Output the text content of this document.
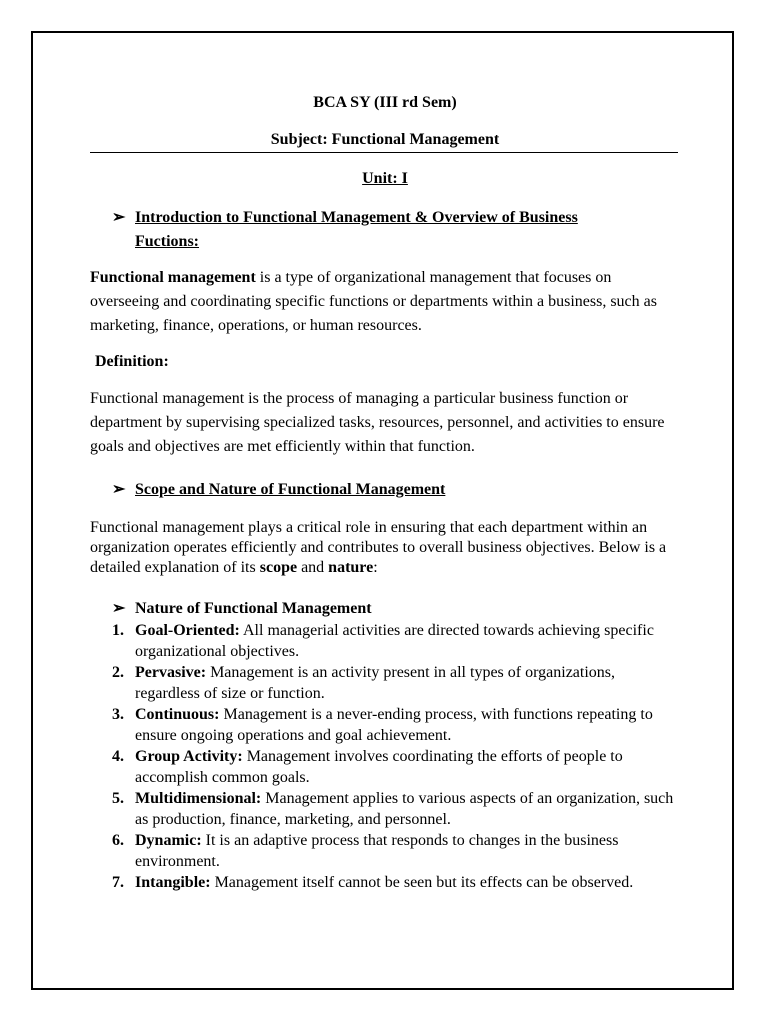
BCA SY (III rd Sem)
Subject: Functional Management
Unit: I
➢ Introduction to Functional Management & Overview of Business
Fuctions:
Functional management is a type of organizational management that focuses on overseeing and coordinating specific functions or departments within a business, such as marketing, finance, operations, or human resources.
Definition:
Functional management is the process of managing a particular business function or department by supervising specialized tasks, resources, personnel, and activities to ensure goals and objectives are met efficiently within that function.
➢ Scope and Nature of Functional Management
Functional management plays a critical role in ensuring that each department within an organization operates efficiently and contributes to overall business objectives. Below is a detailed explanation of its scope and nature:
➢ Nature of Functional Management
1. Goal-Oriented: All managerial activities are directed towards achieving specific organizational objectives.
2. Pervasive: Management is an activity present in all types of organizations, regardless of size or function.
3. Continuous: Management is a never-ending process, with functions repeating to ensure ongoing operations and goal achievement.
4. Group Activity: Management involves coordinating the efforts of people to accomplish common goals.
5. Multidimensional: Management applies to various aspects of an organization, such as production, finance, marketing, and personnel.
6. Dynamic: It is an adaptive process that responds to changes in the business environment.
7. Intangible: Management itself cannot be seen but its effects can be observed.
